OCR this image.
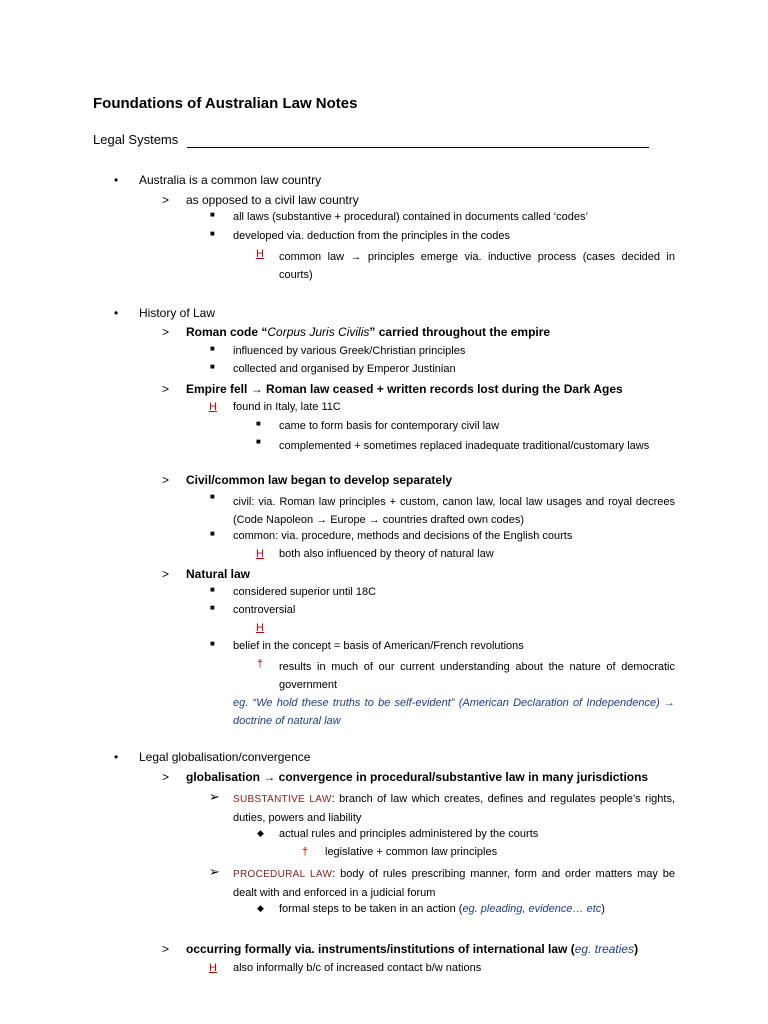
Foundations of Australian Law Notes
Legal Systems
• Australia is a common law country
> as opposed to a civil law country
■ all laws (substantive + procedural) contained in documents called ‘codes’
■ developed via. deduction from the principles in the codes
H common law → principles emerge via. inductive process (cases decided in courts)
• History of Law
> Roman code “Corpus Juris Civilis” carried throughout the empire
■ influenced by various Greek/Christian principles
■ collected and organised by Emperor Justinian
> Empire fell → Roman law ceased + written records lost during the Dark Ages
H found in Italy, late 11C
■ came to form basis for contemporary civil law
■ complemented + sometimes replaced inadequate traditional/customary laws
> Civil/common law began to develop separately
■ civil: via. Roman law principles + custom, canon law, local law usages and royal decrees (Code Napoleon → Europe → countries drafted own codes)
■ common: via. procedure, methods and decisions of the English courts
H both also influenced by theory of natural law
> Natural law
■ considered superior until 18C
■ controversial
H
■ belief in the concept = basis of American/French revolutions
† results in much of our current understanding about the nature of democratic government
eg. “We hold these truths to be self-evident” (American Declaration of Independence) → doctrine of natural law
• Legal globalisation/convergence
> globalisation → convergence in procedural/substantive law in many jurisdictions
➢ SUBSTANTIVE LAW: branch of law which creates, defines and regulates people’s rights, duties, powers and liability
◆ actual rules and principles administered by the courts
† legislative + common law principles
➢ PROCEDURAL LAW: body of rules prescribing manner, form and order matters may be dealt with and enforced in a judicial forum
◆ formal steps to be taken in an action (eg. pleading, evidence… etc)
> occurring formally via. instruments/institutions of international law (eg. treaties)
H also informally b/c of increased contact b/w nations
